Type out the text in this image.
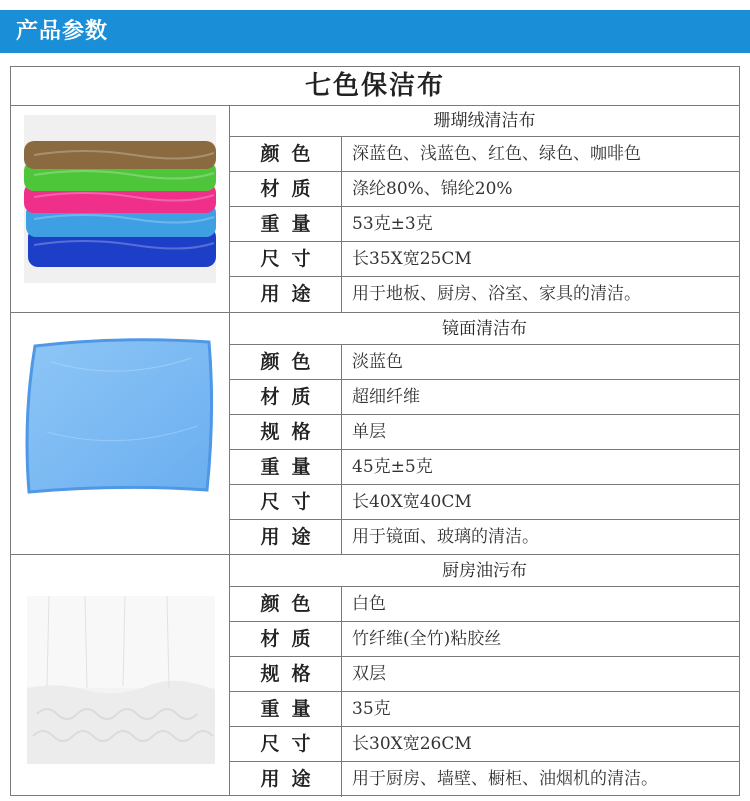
产品参数
七色保洁布
珊瑚绒清洁布
颜色	深蓝色、浅蓝色、红色、绿色、咖啡色
材质	涤纶80%、锦纶20%
重量	53克±3克
尺寸	长35X宽25CM
用途	用于地板、厨房、浴室、家具的清洁。
镜面清洁布
颜色	淡蓝色
材质	超细纤维
规格	单层
重量	45克±5克
尺寸	长40X宽40CM
用途	用于镜面、玻璃的清洁。
厨房油污布
颜色	白色
材质	竹纤维(全竹)粘胶丝
规格	双层
重量	35克
尺寸	长30X宽26CM
用途	用于厨房、墙壁、橱柜、油烟机的清洁。
